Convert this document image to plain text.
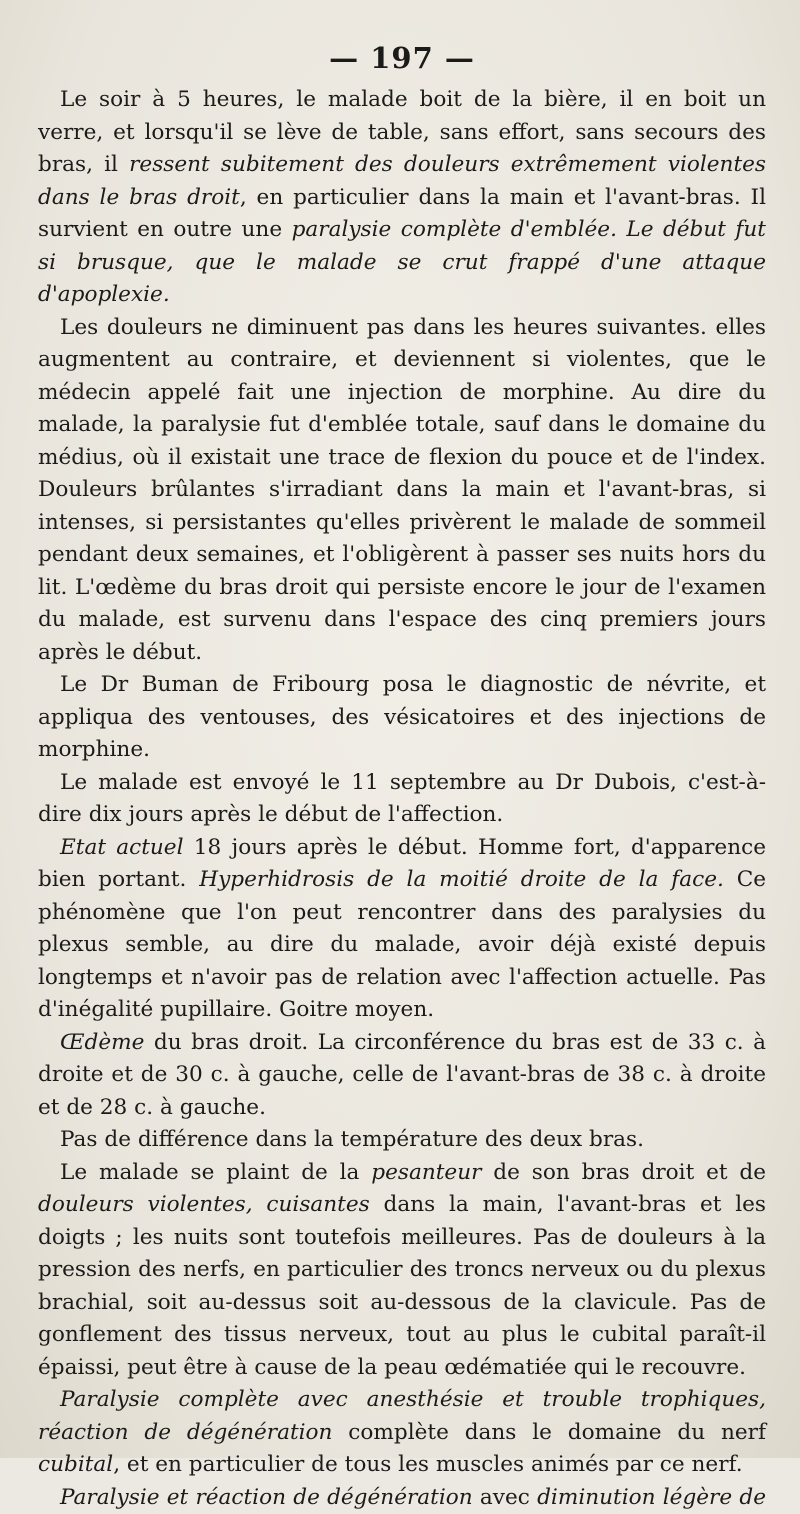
— 197 —

Le soir à 5 heures, le malade boit de la bière, il en boit un verre, et lorsqu'il se lève de table, sans effort, sans secours des bras, il ressent subitement des douleurs extrêmement violentes dans le bras droit, en particulier dans la main et l'avant-bras. Il survient en outre une paralysie complète d'emblée. Le début fut si brusque, que le malade se crut frappé d'une attaque d'apoplexie.

Les douleurs ne diminuent pas dans les heures suivantes. elles augmentent au contraire, et deviennent si violentes, que le médecin appelé fait une injection de morphine. Au dire du malade, la paralysie fut d'emblée totale, sauf dans le domaine du médius, où il existait une trace de flexion du pouce et de l'index. Douleurs brûlantes s'irradiant dans la main et l'avant-bras, si intenses, si persistantes qu'elles privèrent le malade de sommeil pendant deux semaines, et l'obligèrent à passer ses nuits hors du lit. L'œdème du bras droit qui persiste encore le jour de l'examen du malade, est survenu dans l'espace des cinq premiers jours après le début.

Le Dr Buman de Fribourg posa le diagnostic de névrite, et appliqua des ventouses, des vésicatoires et des injections de morphine.

Le malade est envoyé le 11 septembre au Dr Dubois, c'est-à-dire dix jours après le début de l'affection.

Etat actuel 18 jours après le début. Homme fort, d'apparence bien portant. Hyperhidrosis de la moitié droite de la face. Ce phénomène que l'on peut rencontrer dans des paralysies du plexus semble, au dire du malade, avoir déjà existé depuis longtemps et n'avoir pas de relation avec l'affection actuelle. Pas d'inégalité pupillaire. Goitre moyen.

Œdème du bras droit. La circonférence du bras est de 33 c. à droite et de 30 c. à gauche, celle de l'avant-bras de 38 c. à droite et de 28 c. à gauche.

Pas de différence dans la température des deux bras.

Le malade se plaint de la pesanteur de son bras droit et de douleurs violentes, cuisantes dans la main, l'avant-bras et les doigts ; les nuits sont toutefois meilleures. Pas de douleurs à la pression des nerfs, en particulier des troncs nerveux ou du plexus brachial, soit au-dessus soit au-dessous de la clavicule. Pas de gonflement des tissus nerveux, tout au plus le cubital paraît-il épaissi, peut être à cause de la peau œdématiée qui le recouvre.

Paralysie complète avec anesthésie et trouble trophiques, réaction de dégénération complète dans le domaine du nerf cubital, et en particulier de tous les muscles animés par ce nerf.

Paralysie et réaction de dégénération avec diminution légère de
